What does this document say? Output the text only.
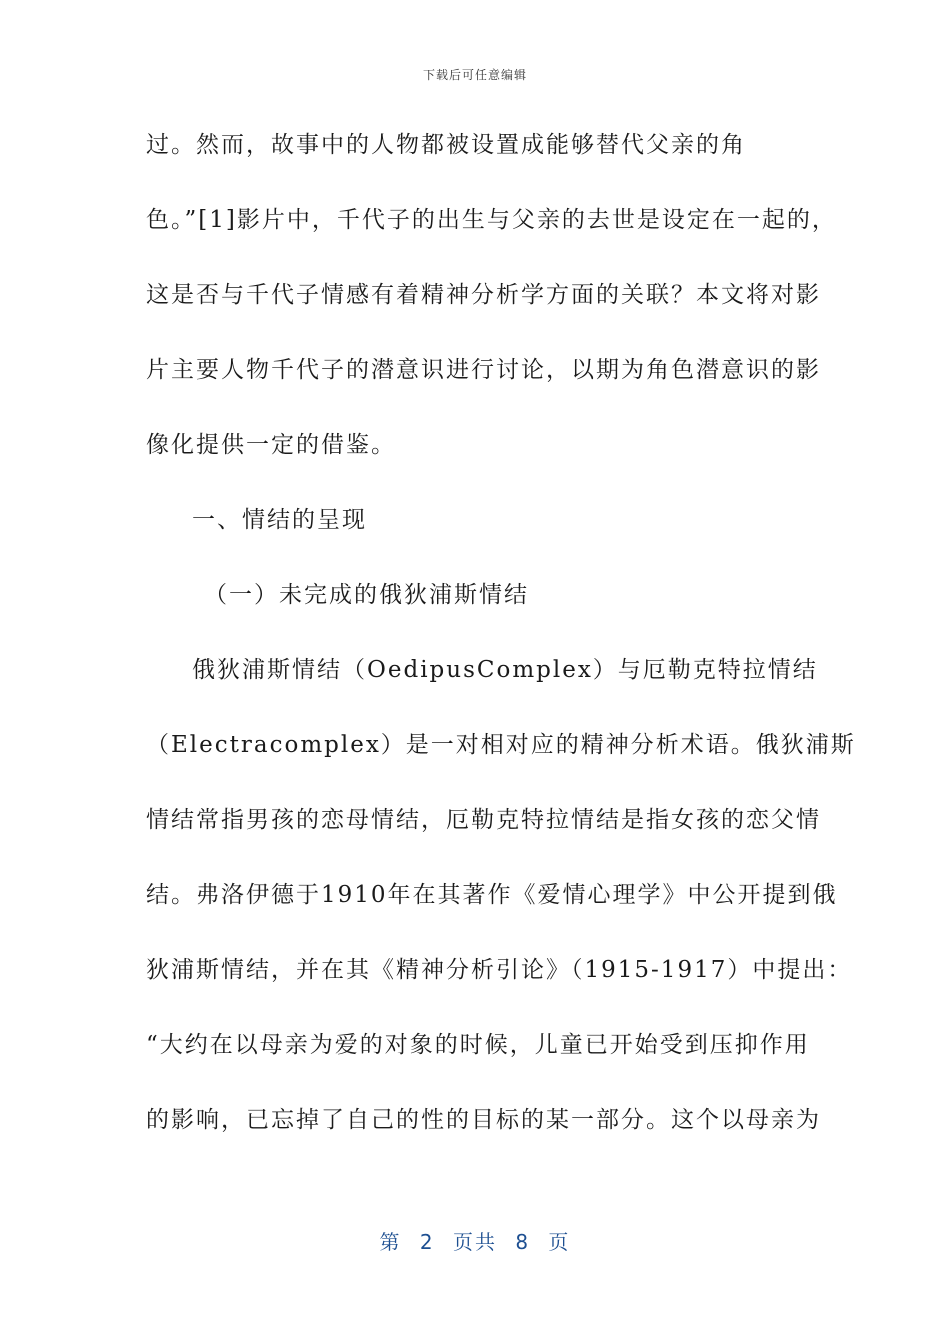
下载后可任意编辑
过。然而，故事中的人物都被设置成能够替代父亲的角
色。”[1]影片中，千代子的出生与父亲的去世是设定在一起的，
这是否与千代子情感有着精神分析学方面的关联？本文将对影
片主要人物千代子的潜意识进行讨论，以期为角色潜意识的影
像化提供一定的借鉴。
一、情结的呈现
（一）未完成的俄狄浦斯情结
俄狄浦斯情结（OedipusComplex）与厄勒克特拉情结
（Electracomplex）是一对相对应的精神分析术语。俄狄浦斯
情结常指男孩的恋母情结，厄勒克特拉情结是指女孩的恋父情
结。弗洛伊德于1910年在其著作《爱情心理学》中公开提到俄
狄浦斯情结，并在其《精神分析引论》（1915-1917）中提出：
“大约在以母亲为爱的对象的时候，儿童已开始受到压抑作用
的影响，已忘掉了自己的性的目标的某一部分。这个以母亲为
第 2 页共 8 页
